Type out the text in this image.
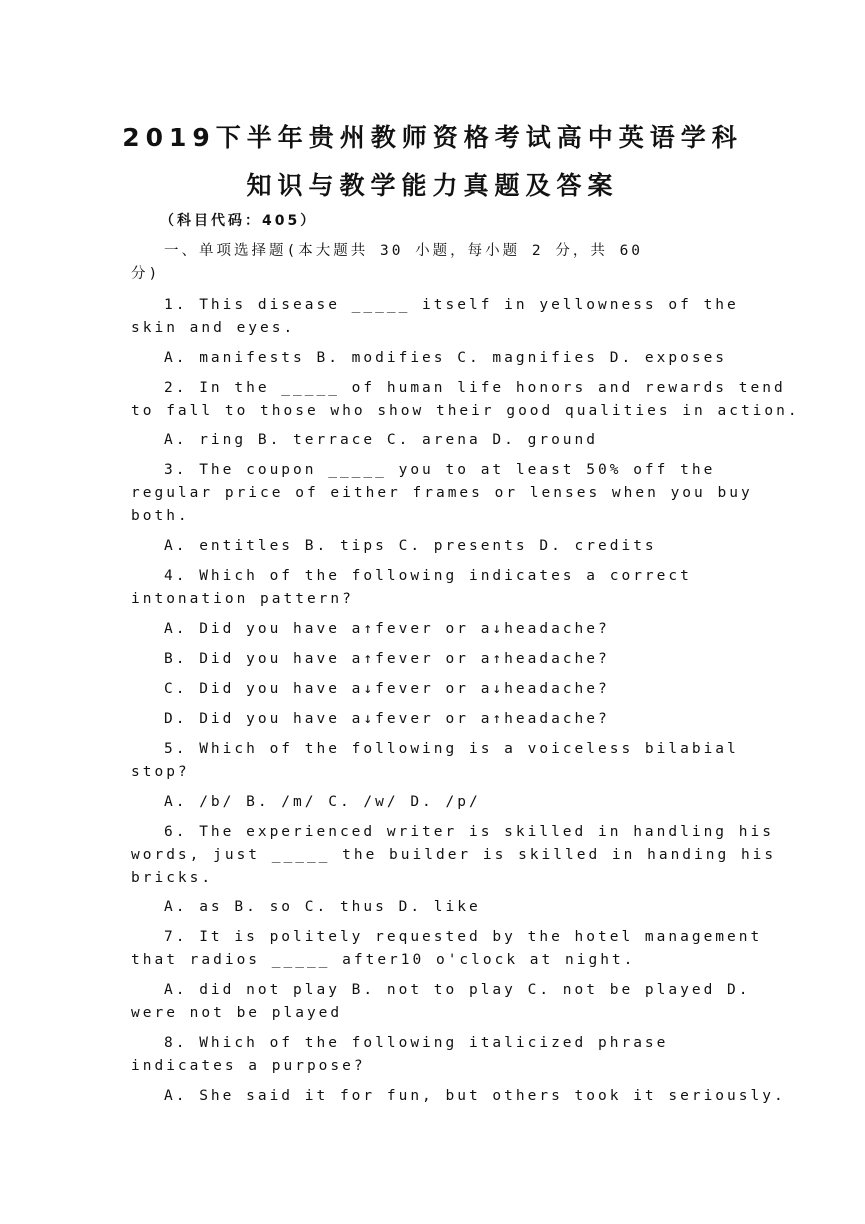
2019下半年贵州教师资格考试高中英语学科
知识与教学能力真题及答案
（科目代码：405）
一、单项选择题(本大题共 30 小题，每小题 2 分，共 60
分)
1. This disease _____ itself in yellowness of the
skin and eyes.
A. manifests B. modifies C. magnifies D. exposes
2. In the _____ of human life honors and rewards tend
to fall to those who show their good qualities in action.
A. ring B. terrace C. arena D. ground
3. The coupon _____ you to at least 50% off the
regular price of either frames or lenses when you buy
both.
A. entitles B. tips C. presents D. credits
4. Which of the following indicates a correct
intonation pattern?
A. Did you have a↑fever or a↓headache?
B. Did you have a↑fever or a↑headache?
C. Did you have a↓fever or a↓headache?
D. Did you have a↓fever or a↑headache?
5. Which of the following is a voiceless bilabial
stop?
A. /b/ B. /m/ C. /w/ D. /p/
6. The experienced writer is skilled in handling his
words, just _____ the builder is skilled in handing his
bricks.
A. as B. so C. thus D. like
7. It is politely requested by the hotel management
that radios _____ after10 o'clock at night.
A. did not play B. not to play C. not be played D.
were not be played
8. Which of the following italicized phrase
indicates a purpose?
A. She said it for fun, but others took it seriously.
